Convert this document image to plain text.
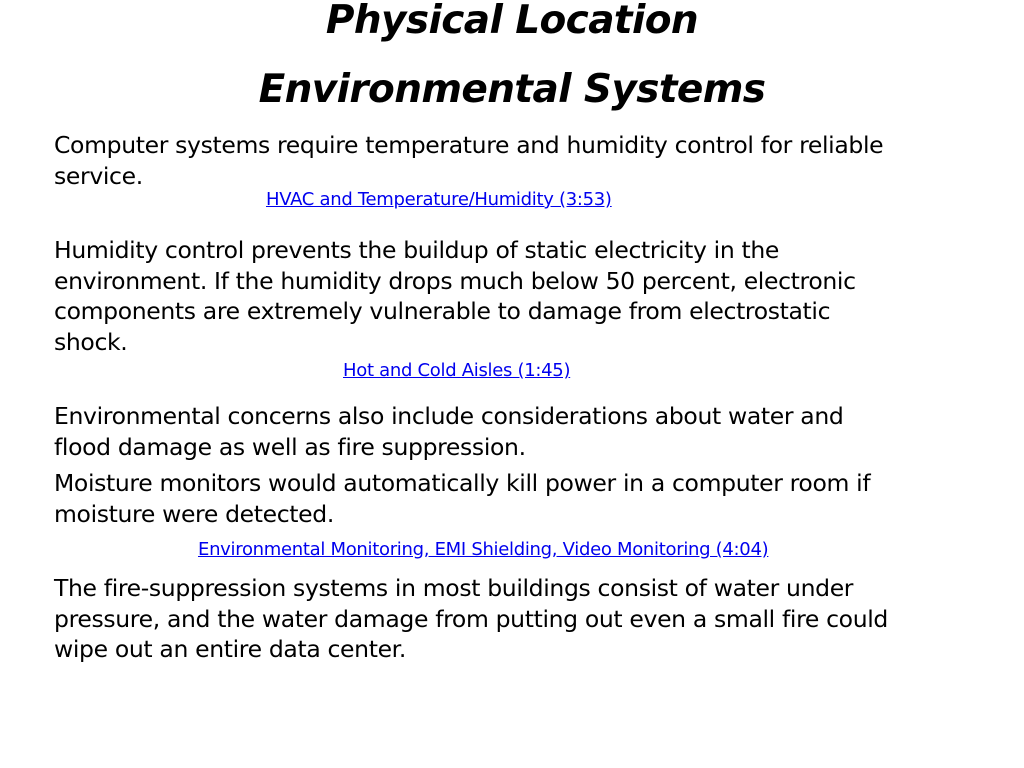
Physical Location
Environmental Systems

Computer systems require temperature and humidity control for reliable
service.

HVAC and Temperature/Humidity (3:53)

Humidity control prevents the buildup of static electricity in the
environment. If the humidity drops much below 50 percent, electronic
components are extremely vulnerable to damage from electrostatic
shock.

Hot and Cold Aisles (1:45)

Environmental concerns also include considerations about water and
flood damage as well as fire suppression.

Moisture monitors would automatically kill power in a computer room if
moisture were detected.

Environmental Monitoring, EMI Shielding, Video Monitoring (4:04)

The fire-suppression systems in most buildings consist of water under
pressure, and the water damage from putting out even a small fire could
wipe out an entire data center.
